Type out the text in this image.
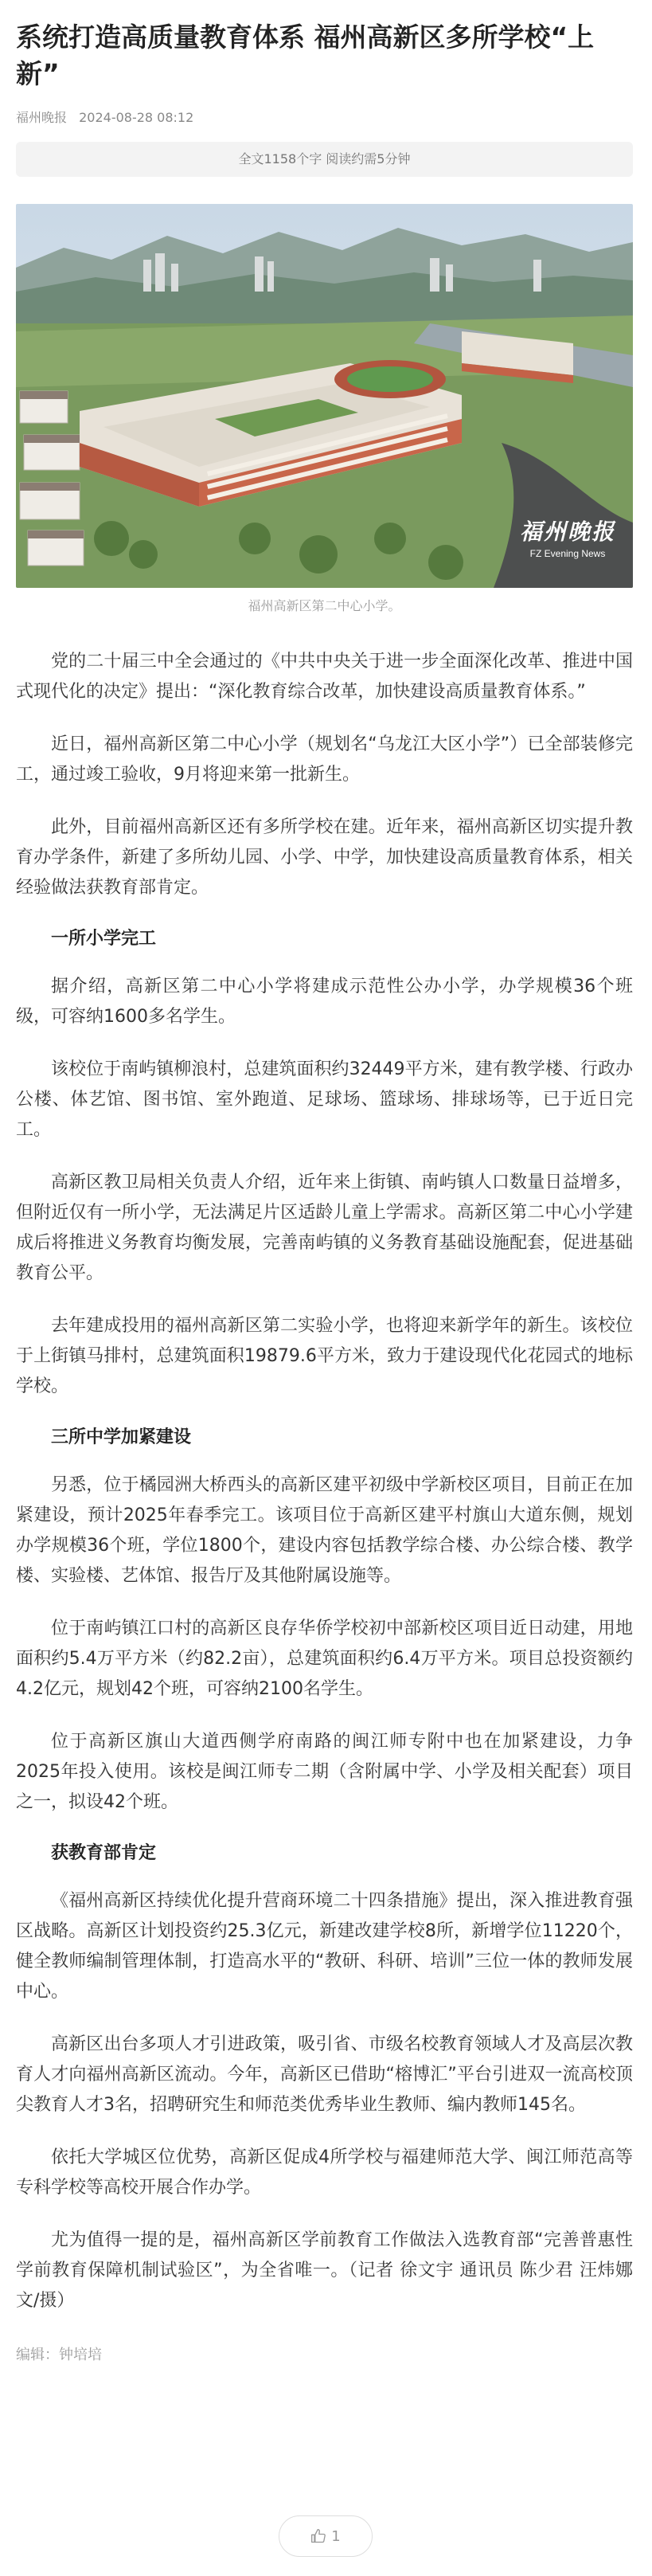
系统打造高质量教育体系 福州高新区多所学校“上新”
福州晚报 2024-08-28 08:12
全文1158个字 阅读约需5分钟
福州晚报
FZ Evening News
福州高新区第二中心小学。

党的二十届三中全会通过的《中共中央关于进一步全面深化改革、推进中国式现代化的决定》提出：“深化教育综合改革，加快建设高质量教育体系。”

近日，福州高新区第二中心小学（规划名“乌龙江大区小学”）已全部装修完工，通过竣工验收，9月将迎来第一批新生。

此外，目前福州高新区还有多所学校在建。近年来，福州高新区切实提升教育办学条件，新建了多所幼儿园、小学、中学，加快建设高质量教育体系，相关经验做法获教育部肯定。

一所小学完工

据介绍，高新区第二中心小学将建成示范性公办小学，办学规模36个班级，可容纳1600多名学生。

该校位于南屿镇柳浪村，总建筑面积约32449平方米，建有教学楼、行政办公楼、体艺馆、图书馆、室外跑道、足球场、篮球场、排球场等，已于近日完工。

高新区教卫局相关负责人介绍，近年来上街镇、南屿镇人口数量日益增多，但附近仅有一所小学，无法满足片区适龄儿童上学需求。高新区第二中心小学建成后将推进义务教育均衡发展，完善南屿镇的义务教育基础设施配套，促进基础教育公平。

去年建成投用的福州高新区第二实验小学，也将迎来新学年的新生。该校位于上街镇马排村，总建筑面积19879.6平方米，致力于建设现代化花园式的地标学校。

三所中学加紧建设

另悉，位于橘园洲大桥西头的高新区建平初级中学新校区项目，目前正在加紧建设，预计2025年春季完工。该项目位于高新区建平村旗山大道东侧，规划办学规模36个班，学位1800个，建设内容包括教学综合楼、办公综合楼、教学楼、实验楼、艺体馆、报告厅及其他附属设施等。

位于南屿镇江口村的高新区良存华侨学校初中部新校区项目近日动建，用地面积约5.4万平方米（约82.2亩），总建筑面积约6.4万平方米。项目总投资额约4.2亿元，规划42个班，可容纳2100名学生。

位于高新区旗山大道西侧学府南路的闽江师专附中也在加紧建设，力争2025年投入使用。该校是闽江师专二期（含附属中学、小学及相关配套）项目之一，拟设42个班。

获教育部肯定

《福州高新区持续优化提升营商环境二十四条措施》提出，深入推进教育强区战略。高新区计划投资约25.3亿元，新建改建学校8所，新增学位11220个，健全教师编制管理体制，打造高水平的“教研、科研、培训”三位一体的教师发展中心。

高新区出台多项人才引进政策，吸引省、市级名校教育领域人才及高层次教育人才向福州高新区流动。今年，高新区已借助“榕博汇”平台引进双一流高校顶尖教育人才3名，招聘研究生和师范类优秀毕业生教师、编内教师145名。

依托大学城区位优势，高新区促成4所学校与福建师范大学、闽江师范高等专科学校等高校开展合作办学。

尤为值得一提的是，福州高新区学前教育工作做法入选教育部“完善普惠性学前教育保障机制试验区”，为全省唯一。（记者 徐文宇 通讯员 陈少君 汪炜娜 文/摄）

编辑：钟培培
1
